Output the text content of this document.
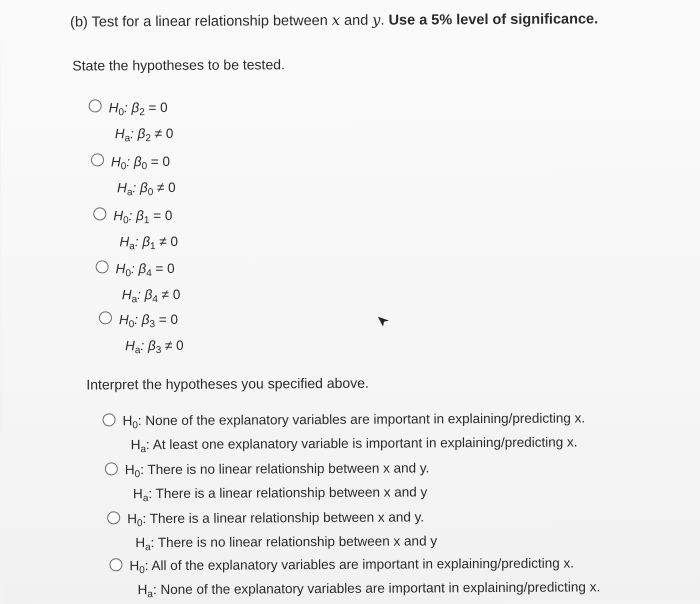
(b) Test for a linear relationship between x and y. Use a 5% level of significance.
State the hypotheses to be tested.
$H_0$: $\beta_2 = 0$
$H_a$: $\beta_2 \ne 0$
$H_0$: $\beta_0 = 0$
$H_a$: $\beta_0 \ne 0$
$H_0$: $\beta_1 = 0$
$H_a$: $\beta_1 \ne 0$
$H_0$: $\beta_4 = 0$
$H_a$: $\beta_4 \ne 0$
$H_0$: $\beta_3 = 0$
$H_a$: $\beta_3 \ne 0$
Interpret the hypotheses you specified above.
$H_0$: None of the explanatory variables are important in explaining/predicting x.
$H_a$: At least one explanatory variable is important in explaining/predicting x.
$H_0$: There is no linear relationship between x and y.
$H_a$: There is a linear relationship between x and y
$H_0$: There is a linear relationship between x and y.
$H_a$: There is no linear relationship between x and y
$H_0$: All of the explanatory variables are important in explaining/predicting x.
$H_a$: None of the explanatory variables are important in explaining/predicting x.
